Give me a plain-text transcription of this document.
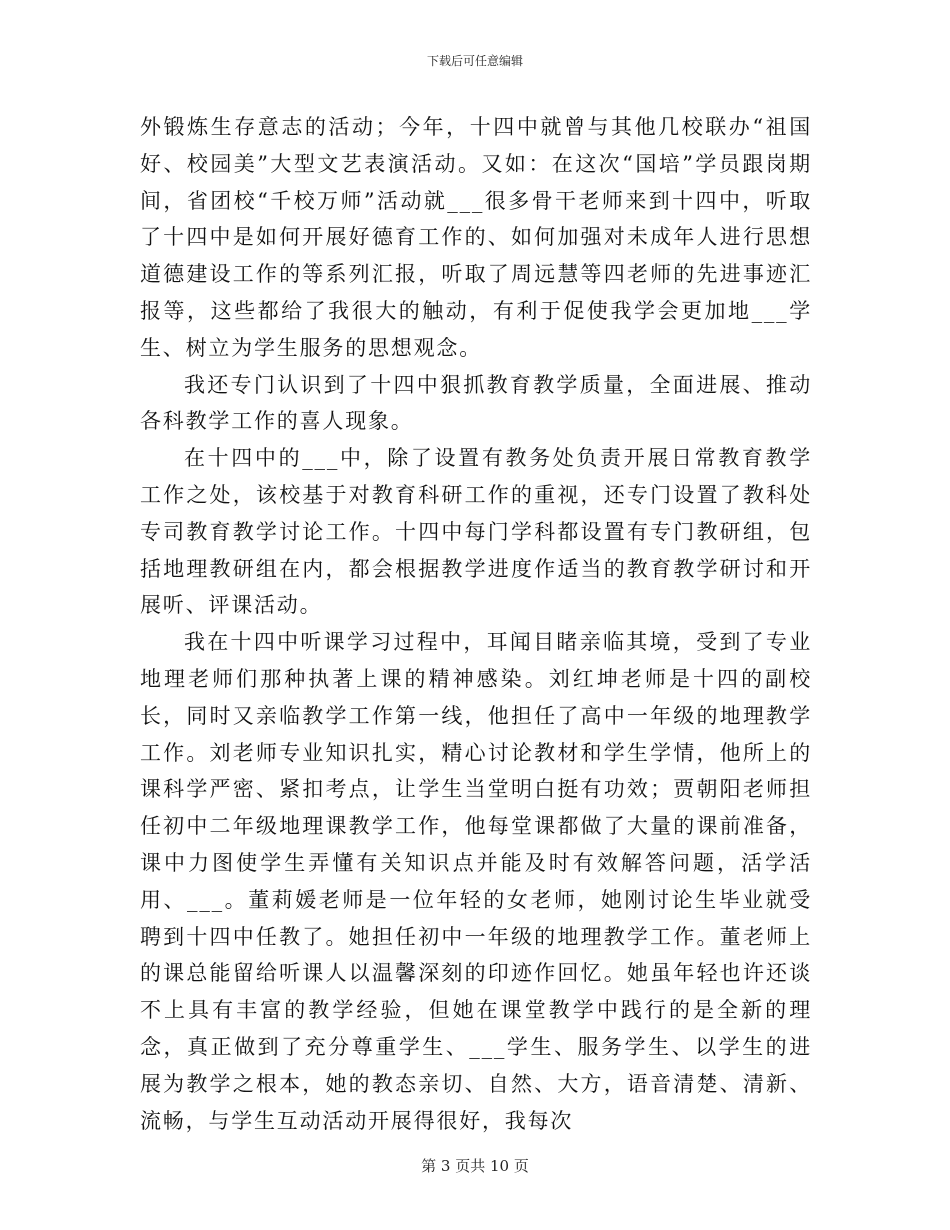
下载后可任意编辑

外锻炼生存意志的活动；今年，十四中就曾与其他几校联办“祖国好、校园美”大型文艺表演活动。又如：在这次“国培”学员跟岗期间，省团校“千校万师”活动就___很多骨干老师来到十四中，听取了十四中是如何开展好德育工作的、如何加强对未成年人进行思想道德建设工作的等系列汇报，听取了周远慧等四老师的先进事迹汇报等，这些都给了我很大的触动，有利于促使我学会更加地___学生、树立为学生服务的思想观念。

我还专门认识到了十四中狠抓教育教学质量，全面进展、推动各科教学工作的喜人现象。

在十四中的___中，除了设置有教务处负责开展日常教育教学工作之处，该校基于对教育科研工作的重视，还专门设置了教科处专司教育教学讨论工作。十四中每门学科都设置有专门教研组，包括地理教研组在内，都会根据教学进度作适当的教育教学研讨和开展听、评课活动。

我在十四中听课学习过程中，耳闻目睹亲临其境，受到了专业地理老师们那种执著上课的精神感染。刘红坤老师是十四的副校长，同时又亲临教学工作第一线，他担任了高中一年级的地理教学工作。刘老师专业知识扎实，精心讨论教材和学生学情，他所上的课科学严密、紧扣考点，让学生当堂明白挺有功效；贾朝阳老师担任初中二年级地理课教学工作，他每堂课都做了大量的课前准备，课中力图使学生弄懂有关知识点并能及时有效解答问题，活学活用、___。董莉媛老师是一位年轻的女老师，她刚讨论生毕业就受聘到十四中任教了。她担任初中一年级的地理教学工作。董老师上的课总能留给听课人以温馨深刻的印迹作回忆。她虽年轻也许还谈不上具有丰富的教学经验，但她在课堂教学中践行的是全新的理念，真正做到了充分尊重学生、___学生、服务学生、以学生的进展为教学之根本，她的教态亲切、自然、大方，语音清楚、清新、流畅，与学生互动活动开展得很好，我每次

第 3 页共 10 页
